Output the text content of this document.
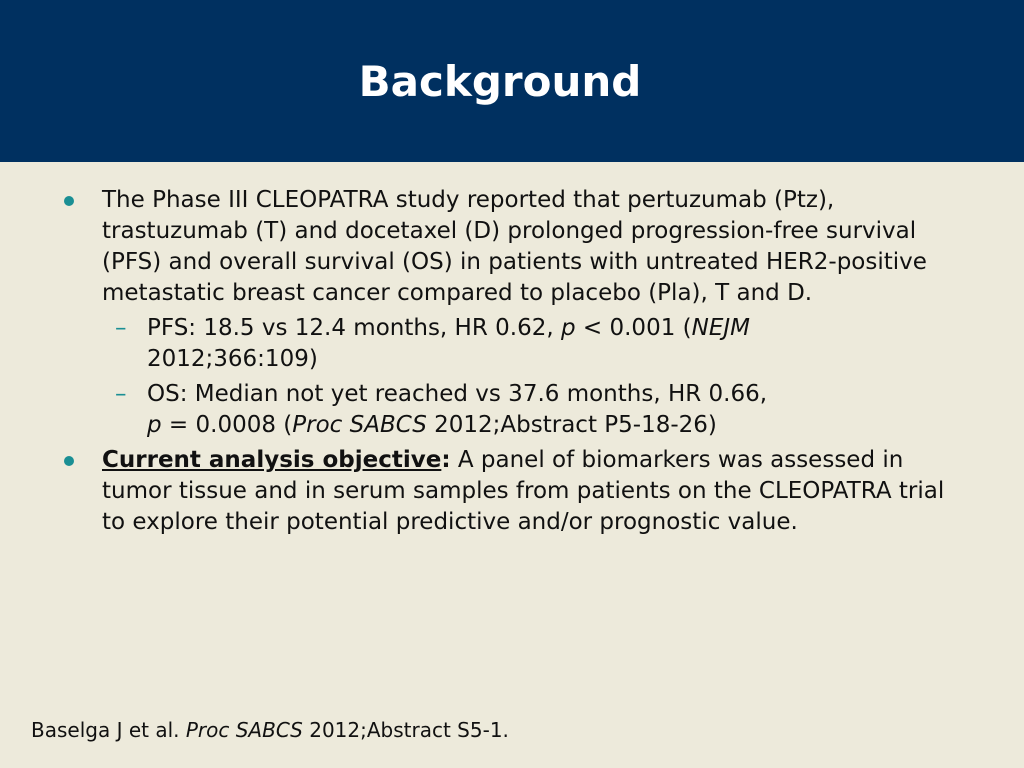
Background
The Phase III CLEOPATRA study reported that pertuzumab (Ptz), trastuzumab (T) and docetaxel (D) prolonged progression-free survival (PFS) and overall survival (OS) in patients with untreated HER2-positive metastatic breast cancer compared to placebo (Pla), T and D.
– PFS: 18.5 vs 12.4 months, HR 0.62, p < 0.001 (NEJM
2012;366:109)
– OS: Median not yet reached vs 37.6 months, HR 0.66,
p = 0.0008 (Proc SABCS 2012;Abstract P5-18-26)
Current analysis objective: A panel of biomarkers was assessed in tumor tissue and in serum samples from patients on the CLEOPATRA trial to explore their potential predictive and/or prognostic value.
Baselga J et al. Proc SABCS 2012;Abstract S5-1.
